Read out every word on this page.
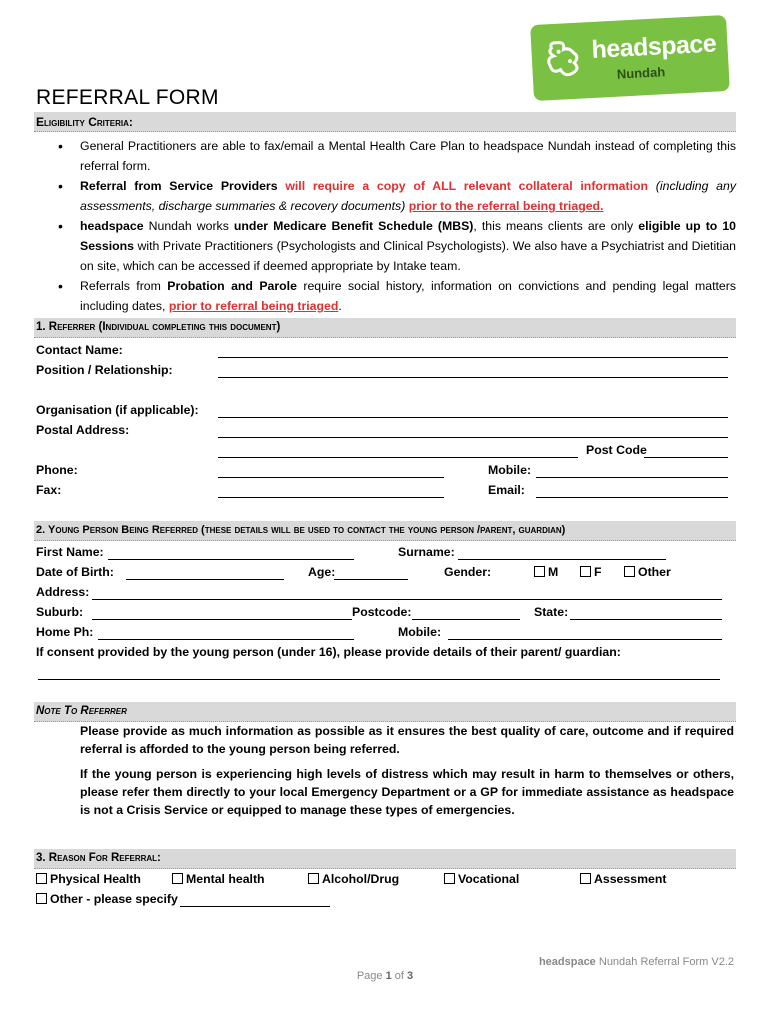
headspace
Nundah
REFERRAL FORM
Eligibility Criteria:
• General Practitioners are able to fax/email a Mental Health Care Plan to headspace Nundah instead of completing this referral form.
• Referral from Service Providers will require a copy of ALL relevant collateral information (including any assessments, discharge summaries & recovery documents) prior to the referral being triaged.
• headspace Nundah works under Medicare Benefit Schedule (MBS), this means clients are only eligible up to 10 Sessions with Private Practitioners (Psychologists and Clinical Psychologists). We also have a Psychiatrist and Dietitian on site, which can be accessed if deemed appropriate by Intake team.
• Referrals from Probation and Parole require social history, information on convictions and pending legal matters including dates, prior to referral being triaged.
1. Referrer (Individual completing this document)
Contact Name:
Position / Relationship:
Organisation (if applicable):
Postal Address:
Post Code
Phone:	Mobile:
Fax:	Email:
2. Young Person Being Referred (these details will be used to contact the young person /parent, guardian)
First Name:	Surname:
Date of Birth:	Age:	Gender:	M	F	Other
Address:
Suburb:	Postcode:	State:
Home Ph:	Mobile:
If consent provided by the young person (under 16), please provide details of their parent/ guardian:
Note To Referrer
Please provide as much information as possible as it ensures the best quality of care, outcome and if required referral is afforded to the young person being referred.
If the young person is experiencing high levels of distress which may result in harm to themselves or others, please refer them directly to your local Emergency Department or a GP for immediate assistance as headspace is not a Crisis Service or equipped to manage these types of emergencies.
3. Reason For Referral:
Physical Health	Mental health	Alcohol/Drug	Vocational	Assessment
Other - please specify
headspace Nundah Referral Form V2.2
Page 1 of 3
